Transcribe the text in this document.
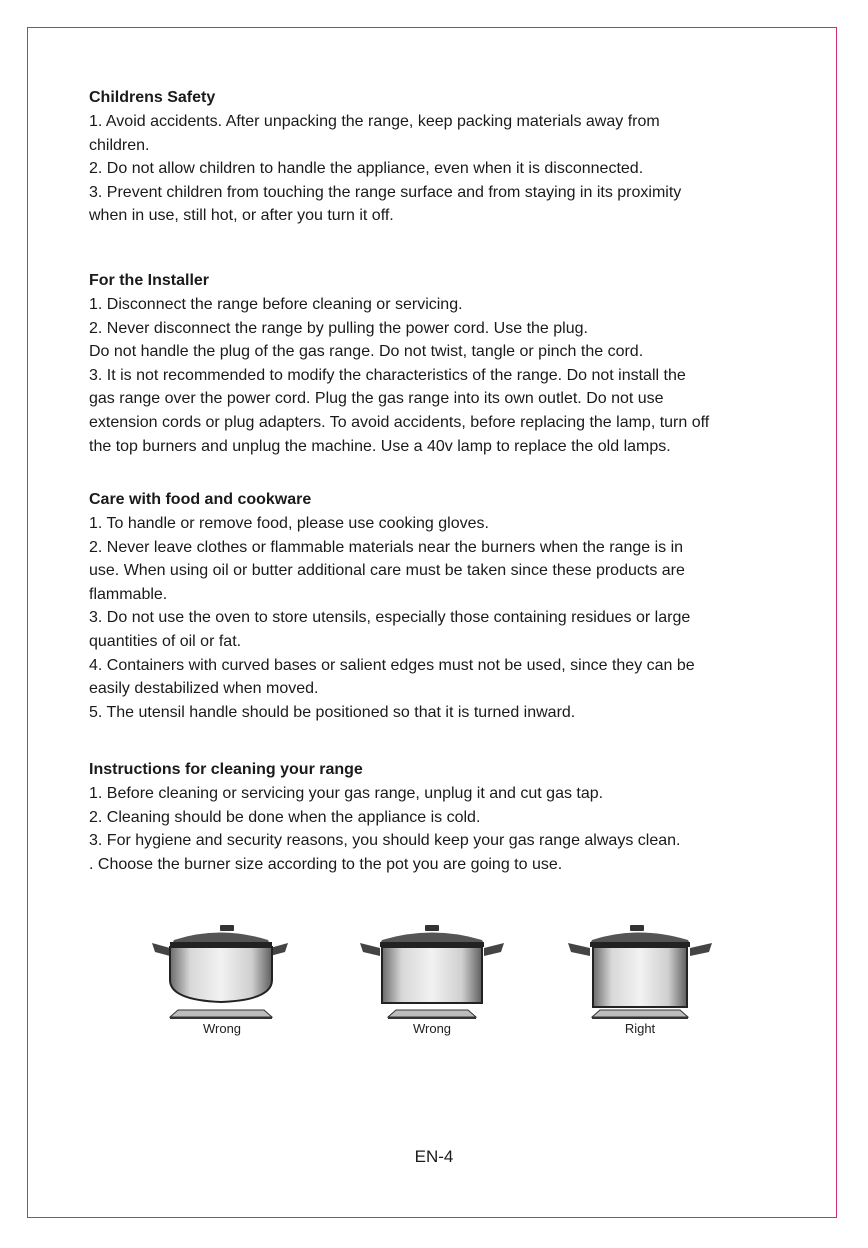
Childrens Safety

1. Avoid accidents. After unpacking the range, keep packing materials away from

children.

2. Do not allow children to handle the appliance, even when it is disconnected.

3. Prevent children from touching the range surface and from staying in its proximity

when in use, still hot, or after you turn it off.

For the Installer

1. Disconnect the range before cleaning or servicing.

2. Never disconnect the range by pulling the power cord. Use the plug.

Do not handle the plug of the gas range. Do not twist, tangle or pinch the cord.

3. It is not recommended to modify the characteristics of the range. Do not install the

gas range over the power cord. Plug the gas range into its own outlet. Do not use

extension cords or plug adapters. To avoid accidents, before replacing the lamp, turn off

the top burners and unplug the machine. Use a 40v lamp to replace the old lamps.

Care with food and cookware

1. To handle or remove food, please use cooking gloves.

2. Never leave clothes or flammable materials near the burners when the range is in

use. When using oil or butter additional care must be taken since these products are

flammable.

3. Do not use the oven to store utensils, especially those containing residues or large

quantities of oil or fat.

4. Containers with curved bases or salient edges must not be used, since they can be

easily destabilized when moved.

5. The utensil handle should be positioned so that it is turned inward.

Instructions for cleaning your range

1. Before cleaning or servicing your gas range, unplug it and cut gas tap.

2. Cleaning should be done when the appliance is cold.

3. For hygiene and security reasons, you should keep your gas range always clean.

. Choose the burner size according to the pot you are going to use.

Wrong	Wrong	Right
EN-4
